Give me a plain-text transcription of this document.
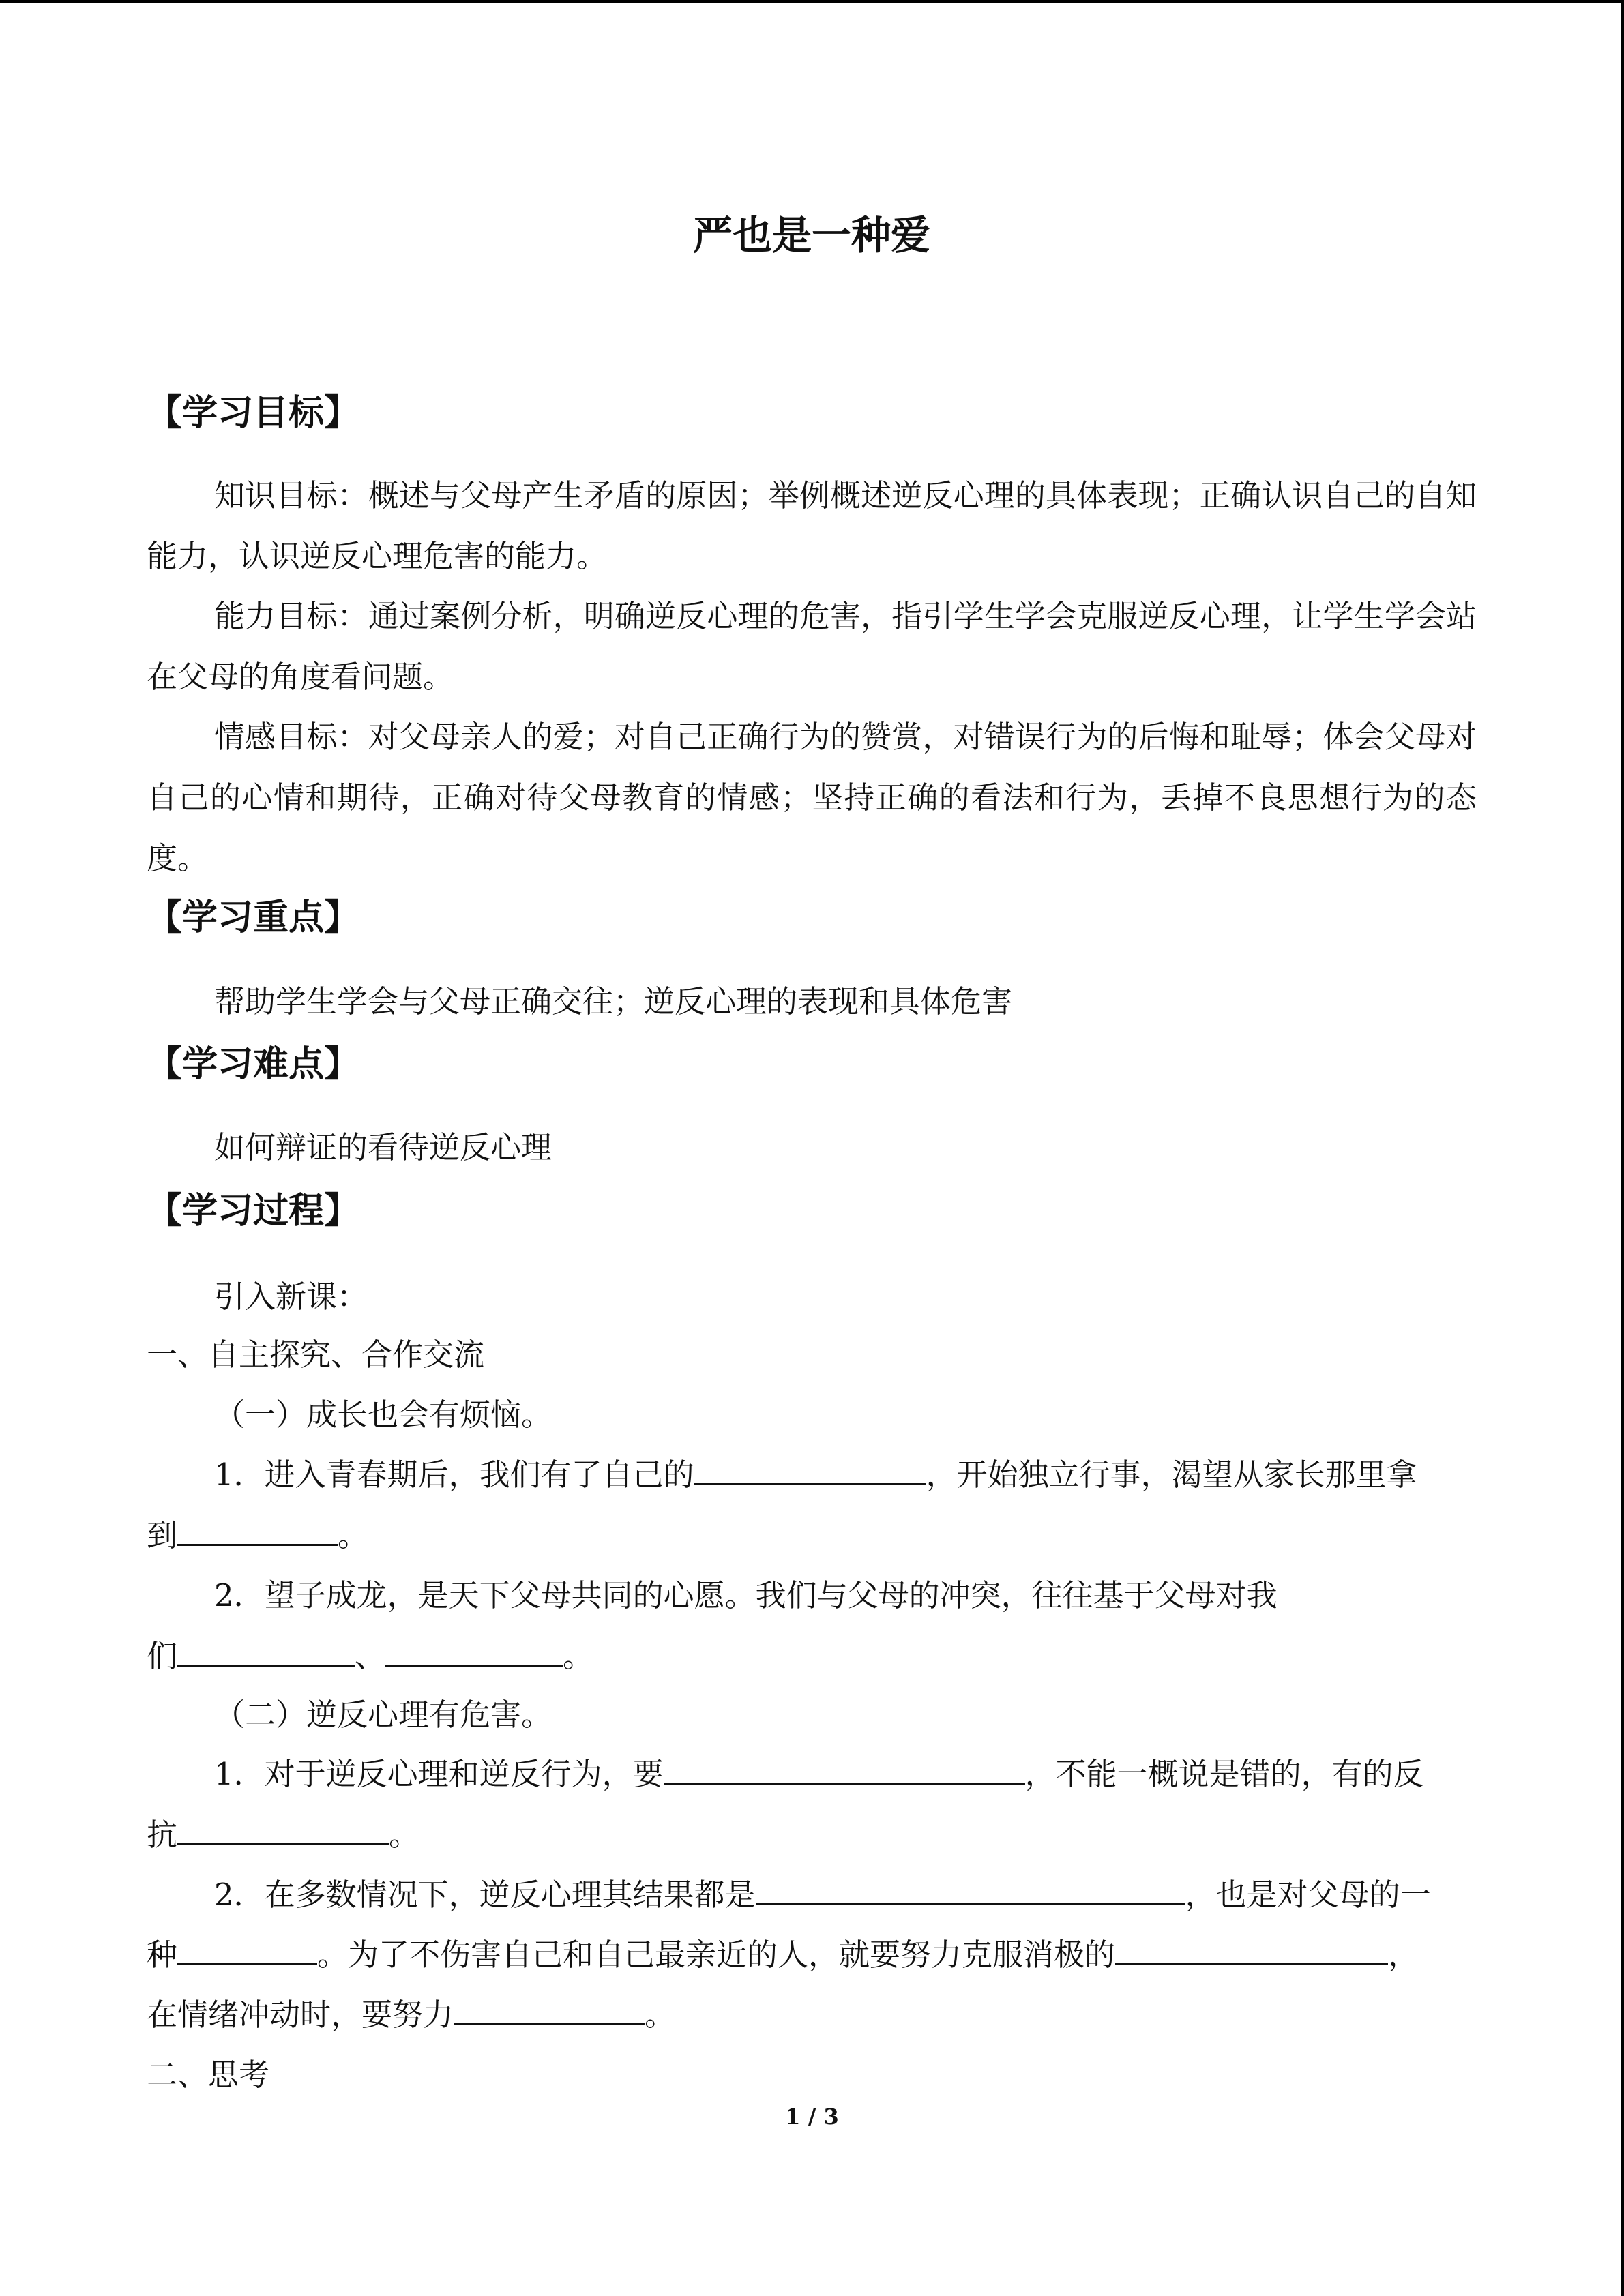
严也是一种爱
【学习目标】
知识目标：概述与父母产生矛盾的原因；举例概述逆反心理的具体表现；正确认识自己的自知能力，认识逆反心理危害的能力。
能力目标：通过案例分析，明确逆反心理的危害，指引学生学会克服逆反心理，让学生学会站在父母的角度看问题。
情感目标：对父母亲人的爱；对自己正确行为的赞赏，对错误行为的后悔和耻辱；体会父母对自己的心情和期待，正确对待父母教育的情感；坚持正确的看法和行为，丢掉不良思想行为的态度。
【学习重点】
帮助学生学会与父母正确交往；逆反心理的表现和具体危害
【学习难点】
如何辩证的看待逆反心理
【学习过程】
引入新课：
一、自主探究、合作交流
（一）成长也会有烦恼。
1．进入青春期后，我们有了自己的	，开始独立行事，渴望从家长那里拿
到	。
2．望子成龙，是天下父母共同的心愿。我们与父母的冲突，往往基于父母对我
们	、	。
（二）逆反心理有危害。
1．对于逆反心理和逆反行为，要	，不能一概说是错的，有的反
抗	。
2．在多数情况下，逆反心理其结果都是	，也是对父母的一
种	。为了不伤害自己和自己最亲近的人，就要努力克服消极的	，
在情绪冲动时，要努力	。
二、思考
1 / 3
